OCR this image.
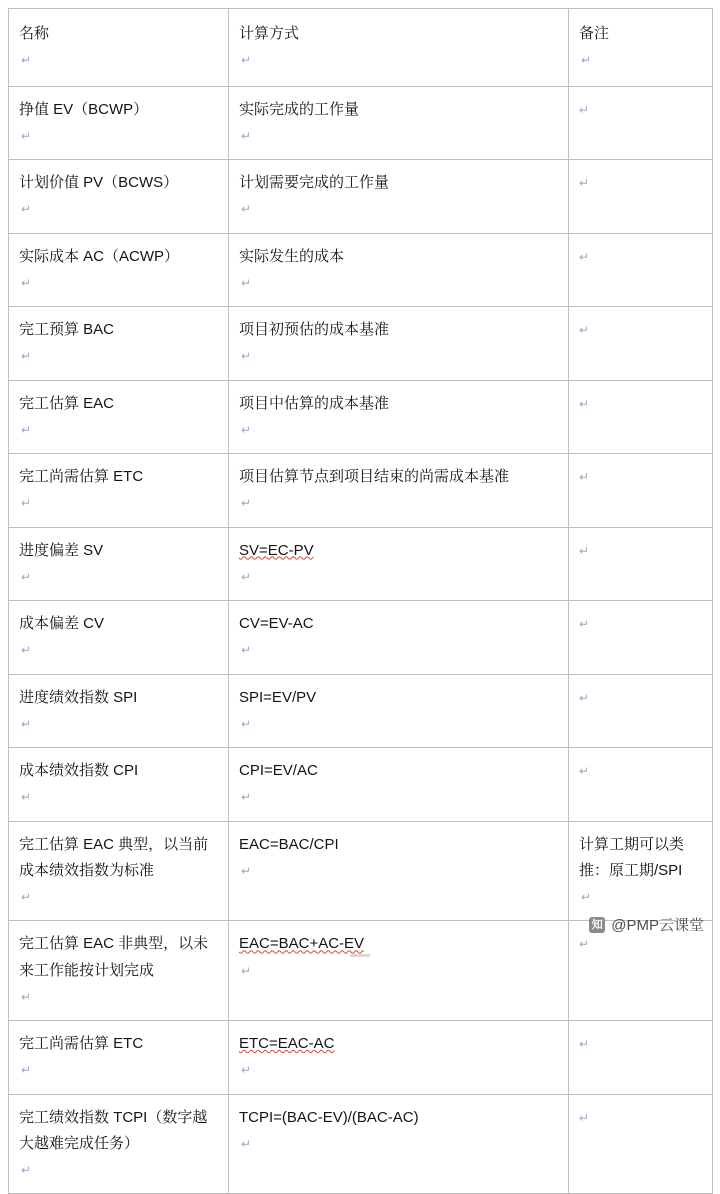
名称
↵	计算方式
↵	备注
↵

挣值 EV（BCWP）
↵	实际完成的工作量
↵	↵

计划价值 PV（BCWS）
↵	计划需要完成的工作量
↵	↵

实际成本 AC（ACWP）
↵	实际发生的成本
↵	↵

完工预算 BAC
↵	项目初预估的成本基准
↵	↵

完工估算 EAC
↵	项目中估算的成本基准
↵	↵

完工尚需估算 ETC
↵	项目估算节点到项目结束的尚需成本基准
↵	↵

进度偏差 SV
↵	SV=EC-PV
↵	↵

成本偏差 CV
↵	CV=EV-AC
↵	↵

进度绩效指数 SPI
↵	SPI=EV/PV
↵	↵

成本绩效指数 CPI
↵	CPI=EV/AC
↵	↵

完工估算 EAC 典型，以当前成本绩效指数为标准
↵	EAC=BAC/CPI
↵	计算工期可以类推：原工期/SPI
↵

完工估算 EAC 非典型，以未来工作能按计划完成
↵	EAC=BAC+AC-EV
↵	↵

完工尚需估算 ETC
↵	ETC=EAC-AC
↵	↵

完工绩效指数 TCPI（数字越大越难完成任务）
↵	TCPI=(BAC-EV)/(BAC-AC)
↵	↵
知 @PMP云课堂
